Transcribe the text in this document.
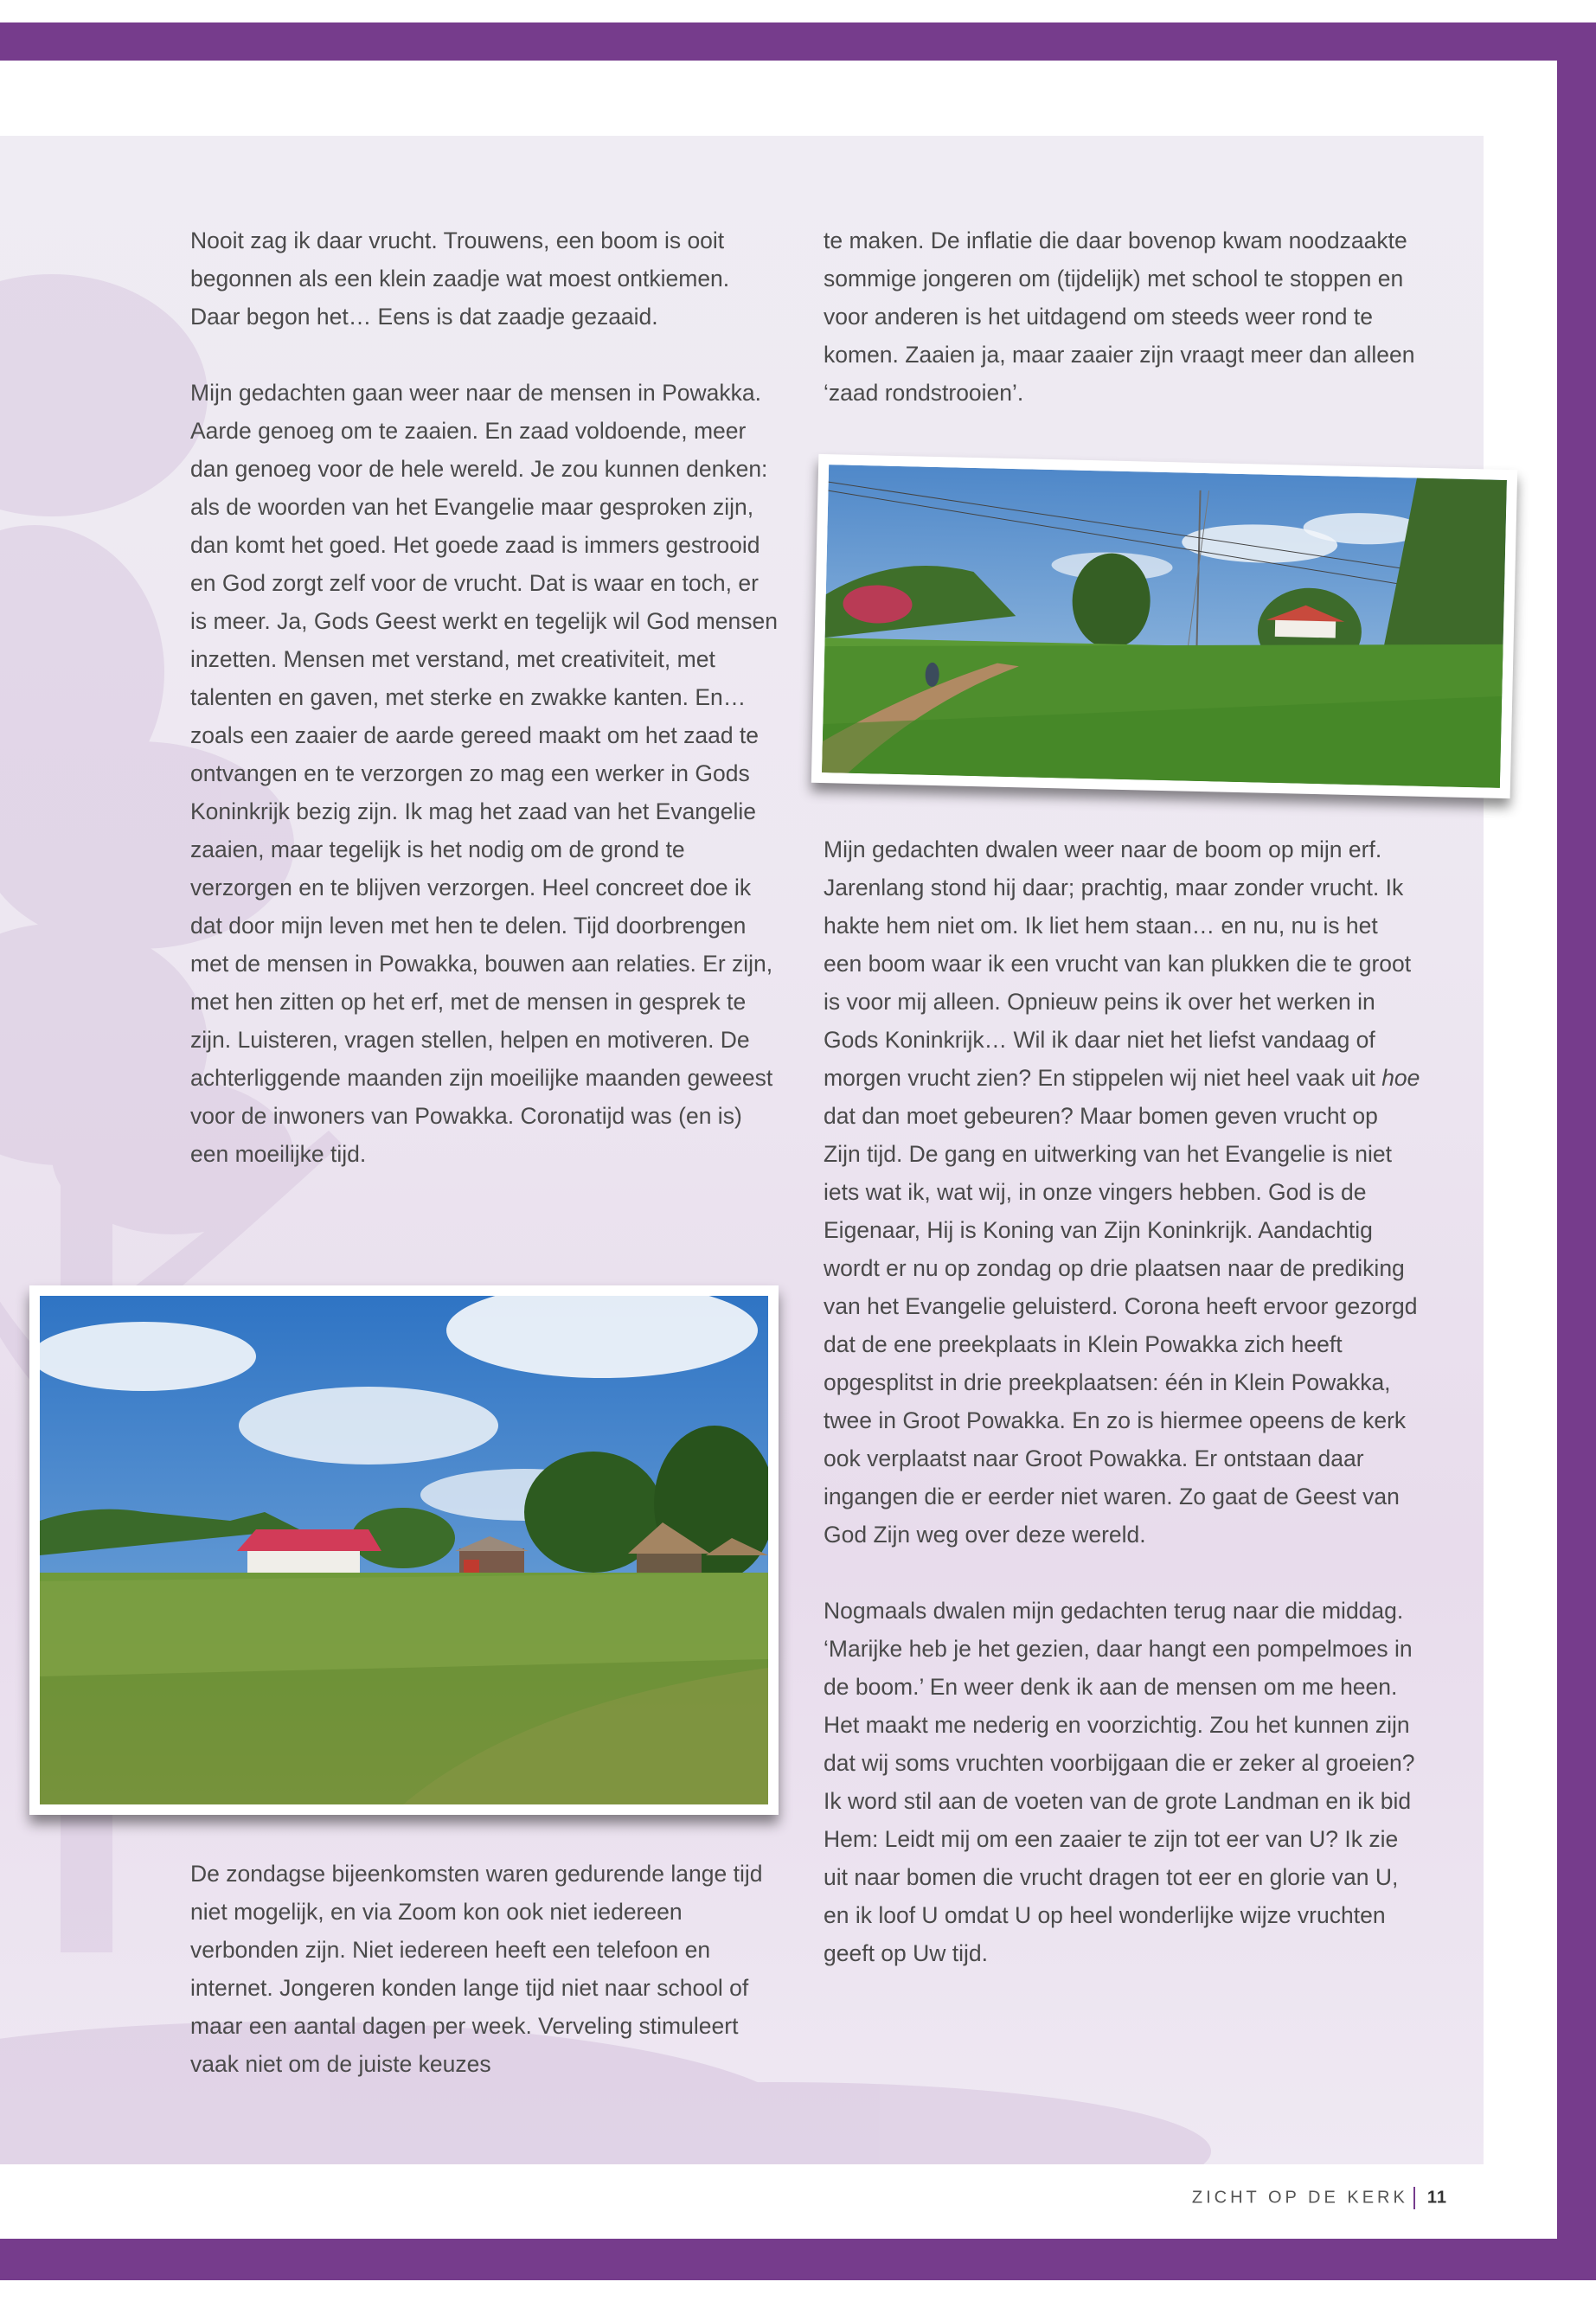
Nooit zag ik daar vrucht. Trouwens, een boom is ooit begonnen als een klein zaadje wat moest ontkiemen. Daar begon het… Eens is dat zaadje gezaaid.

Mijn gedachten gaan weer naar de mensen in Powakka. Aarde genoeg om te zaaien. En zaad voldoende, meer dan genoeg voor de hele wereld. Je zou kunnen denken: als de woorden van het Evangelie maar gesproken zijn, dan komt het goed. Het goede zaad is immers gestrooid en God zorgt zelf voor de vrucht. Dat is waar en toch, er is meer. Ja, Gods Geest werkt en tegelijk wil God mensen inzetten. Mensen met verstand, met creativiteit, met talenten en gaven, met sterke en zwakke kanten. En… zoals een zaaier de aarde gereed maakt om het zaad te ontvangen en te verzorgen zo mag een werker in Gods Koninkrijk bezig zijn. Ik mag het zaad van het Evangelie zaaien, maar tegelijk is het nodig om de grond te verzorgen en te blijven verzorgen. Heel concreet doe ik dat door mijn leven met hen te delen. Tijd doorbrengen met de mensen in Powakka, bouwen aan relaties. Er zijn, met hen zitten op het erf, met de mensen in gesprek te zijn. Luisteren, vragen stellen, helpen en motiveren. De achterliggende maanden zijn moeilijke maanden geweest voor de inwoners van Powakka. Coronatijd was (en is) een moeilijke tijd.

te maken. De inflatie die daar bovenop kwam noodzaakte sommige jongeren om (tijdelijk) met school te stoppen en voor anderen is het uitdagend om steeds weer rond te komen. Zaaien ja, maar zaaier zijn vraagt meer dan alleen ‘zaad rondstrooien’.

Mijn gedachten dwalen weer naar de boom op mijn erf. Jarenlang stond hij daar; prachtig, maar zonder vrucht. Ik hakte hem niet om. Ik liet hem staan… en nu, nu is het een boom waar ik een vrucht van kan plukken die te groot is voor mij alleen. Opnieuw peins ik over het werken in Gods Koninkrijk… Wil ik daar niet het liefst vandaag of morgen vrucht zien? En stippelen wij niet heel vaak uit hoe dat dan moet gebeuren? Maar bomen geven vrucht op Zijn tijd. De gang en uitwerking van het Evangelie is niet iets wat ik, wat wij, in onze vingers hebben. God is de Eigenaar, Hij is Koning van Zijn Koninkrijk. Aandachtig wordt er nu op zondag op drie plaatsen naar de prediking van het Evangelie geluisterd. Corona heeft ervoor gezorgd dat de ene preekplaats in Klein Powakka zich heeft opgesplitst in drie preekplaatsen: één in Klein Powakka, twee in Groot Powakka. En zo is hiermee opeens de kerk ook verplaatst naar Groot Powakka. Er ontstaan daar ingangen die er eerder niet waren. Zo gaat de Geest van God Zijn weg over deze wereld.

Nogmaals dwalen mijn gedachten terug naar die middag. ‘Marijke heb je het gezien, daar hangt een pompelmoes in de boom.’ En weer denk ik aan de mensen om me heen. Het maakt me nederig en voorzichtig. Zou het kunnen zijn dat wij soms vruchten voorbijgaan die er zeker al groeien? Ik word stil aan de voeten van de grote Landman en ik bid Hem: Leidt mij om een zaaier te zijn tot eer van U? Ik zie uit naar bomen die vrucht dragen tot eer en glorie van U, en ik loof U omdat U op heel wonderlijke wijze vruchten geeft op Uw tijd.

De zondagse bijeenkomsten waren gedurende lange tijd niet mogelijk, en via Zoom kon ook niet iedereen verbonden zijn. Niet iedereen heeft een telefoon en internet. Jongeren konden lange tijd niet naar school of maar een aantal dagen per week. Verveling stimuleert vaak niet om de juiste keuzes

ZICHT OP DE KERK 11
